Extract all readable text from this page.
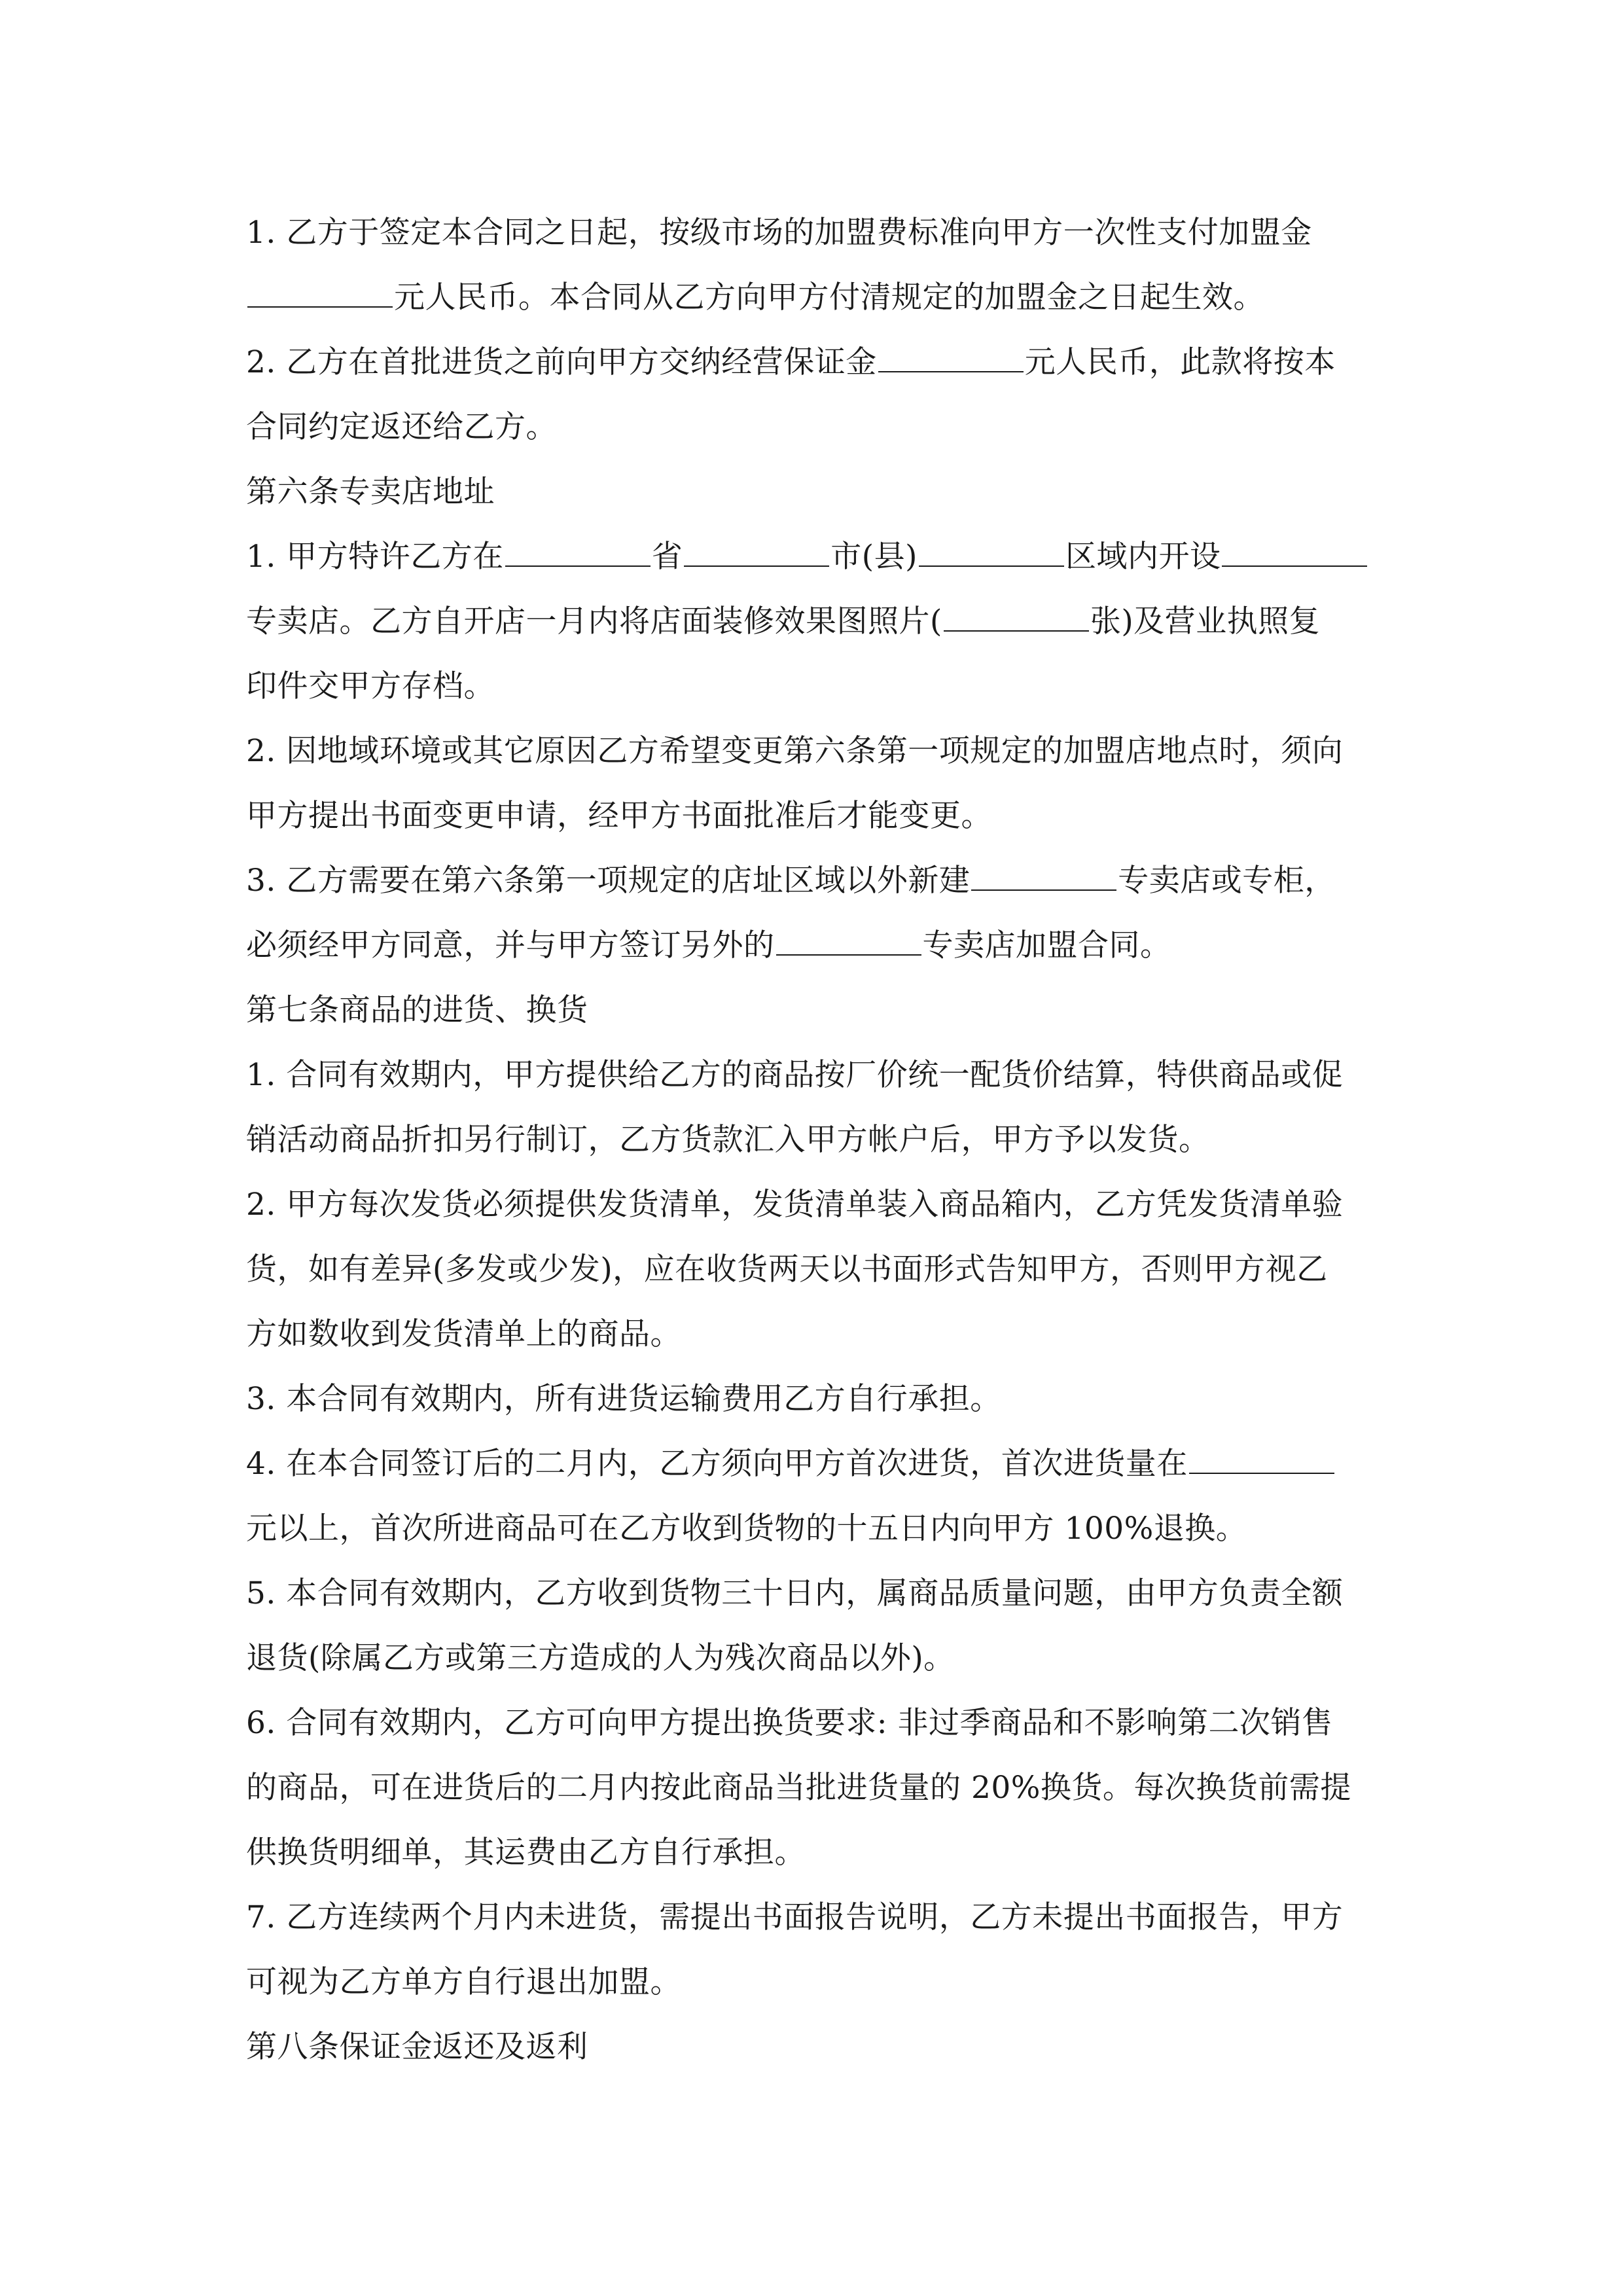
1. 乙方于签定本合同之日起，按级市场的加盟费标准向甲方一次性支付加盟金
元人民币。本合同从乙方向甲方付清规定的加盟金之日起生效。
2. 乙方在首批进货之前向甲方交纳经营保证金	元人民币，此款将按本
合同约定返还给乙方。
第六条专卖店地址
1. 甲方特许乙方在	省	市(县)	区域内开设
专卖店。乙方自开店一月内将店面装修效果图照片(	张)及营业执照复
印件交甲方存档。
2. 因地域环境或其它原因乙方希望变更第六条第一项规定的加盟店地点时，须向
甲方提出书面变更申请，经甲方书面批准后才能变更。
3. 乙方需要在第六条第一项规定的店址区域以外新建	专卖店或专柜，
必须经甲方同意，并与甲方签订另外的	专卖店加盟合同。
第七条商品的进货、换货
1. 合同有效期内，甲方提供给乙方的商品按厂价统一配货价结算，特供商品或促
销活动商品折扣另行制订，乙方货款汇入甲方帐户后，甲方予以发货。
2. 甲方每次发货必须提供发货清单，发货清单装入商品箱内，乙方凭发货清单验
货，如有差异(多发或少发)，应在收货两天以书面形式告知甲方，否则甲方视乙
方如数收到发货清单上的商品。
3. 本合同有效期内，所有进货运输费用乙方自行承担。
4. 在本合同签订后的二月内，乙方须向甲方首次进货，首次进货量在
元以上，首次所进商品可在乙方收到货物的十五日内向甲方 100%退换。
5. 本合同有效期内，乙方收到货物三十日内，属商品质量问题，由甲方负责全额
退货(除属乙方或第三方造成的人为残次商品以外)。
6. 合同有效期内，乙方可向甲方提出换货要求: 非过季商品和不影响第二次销售
的商品，可在进货后的二月内按此商品当批进货量的 20%换货。每次换货前需提
供换货明细单，其运费由乙方自行承担。
7. 乙方连续两个月内未进货，需提出书面报告说明，乙方未提出书面报告，甲方
可视为乙方单方自行退出加盟。
第八条保证金返还及返利
